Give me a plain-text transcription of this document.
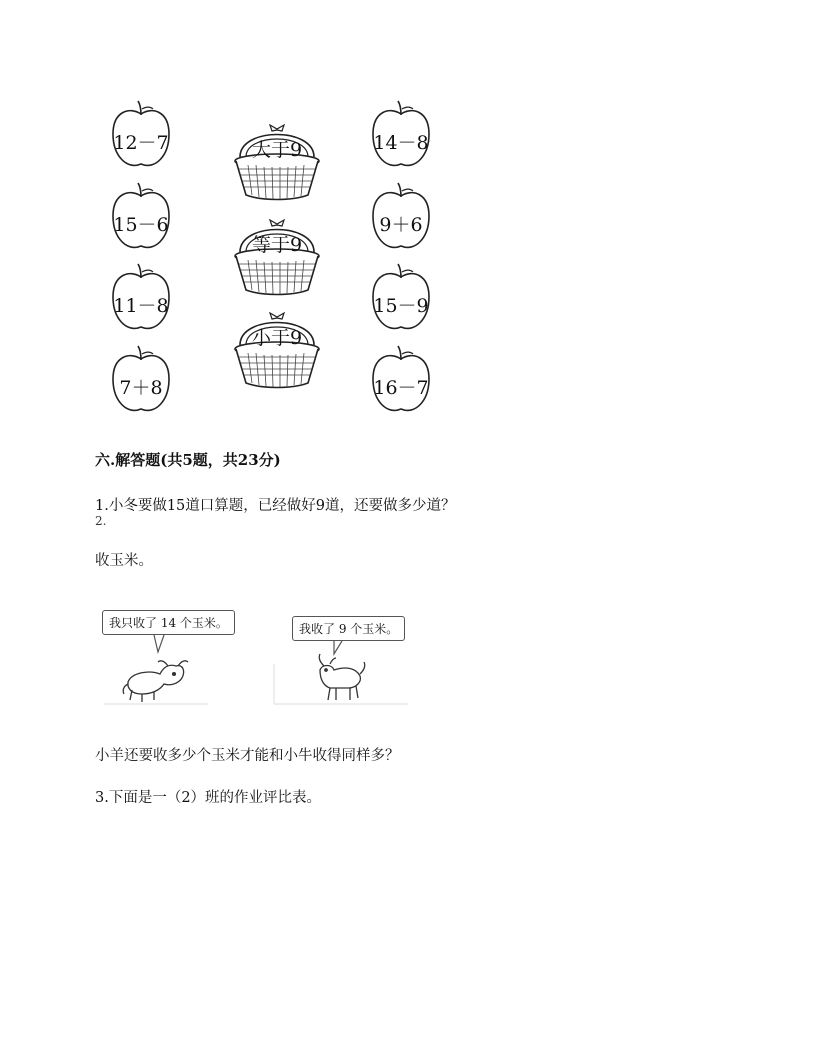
12－7
15－6
11－8
7＋8
14－8
9＋6
15－9
16－7
大于9
等于9
小于9
六.解答题(共5题，共23分)
1.小冬要做15道口算题，已经做好9道，还要做多少道？
2.
收玉米。
我只收了 14 个玉米。	我收了 9 个玉米。
小羊还要收多少个玉米才能和小牛收得同样多？
3.下面是一（2）班的作业评比表。
